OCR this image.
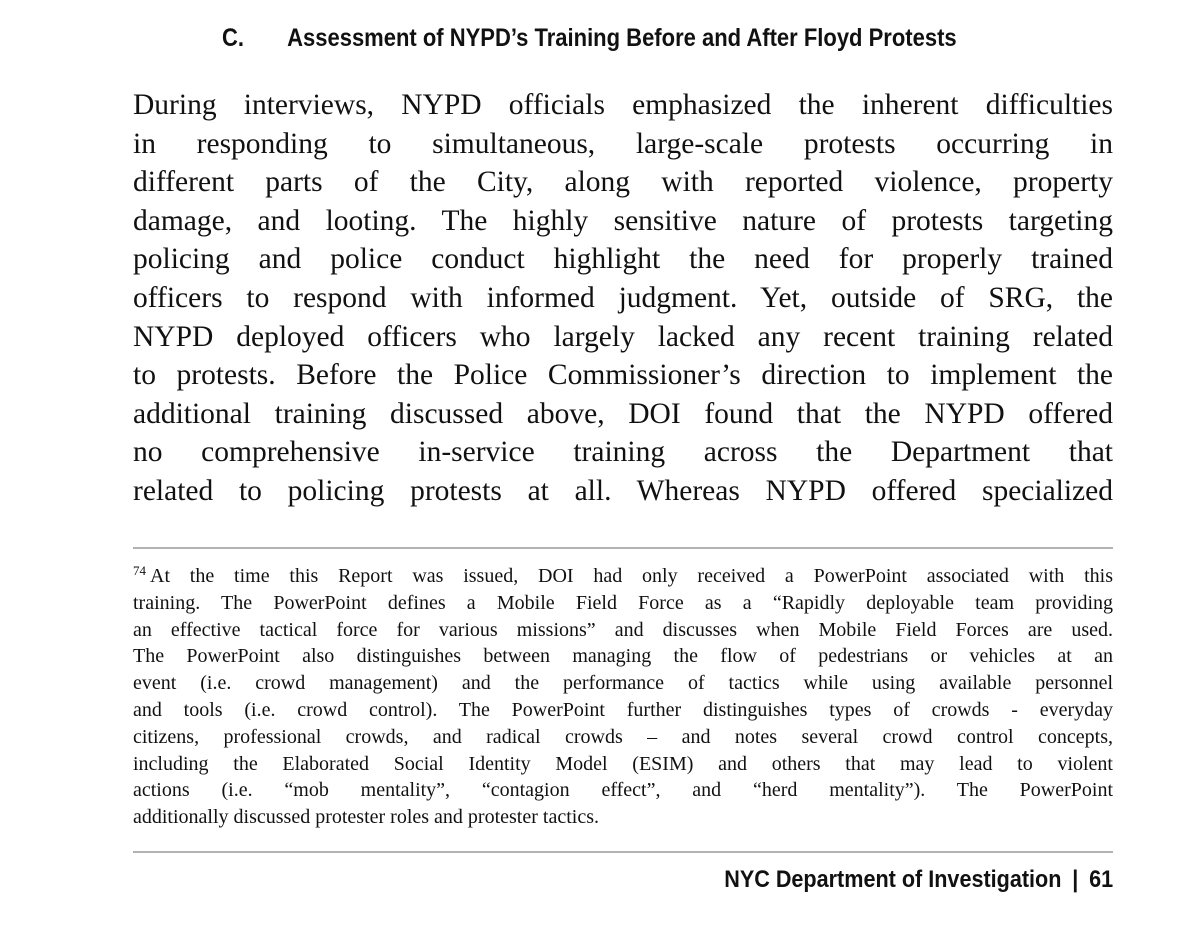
C. Assessment of NYPD’s Training Before and After Floyd Protests
During interviews, NYPD officials emphasized the inherent difficulties
in responding to simultaneous, large-scale protests occurring in
different parts of the City, along with reported violence, property
damage, and looting. The highly sensitive nature of protests targeting
policing and police conduct highlight the need for properly trained
officers to respond with informed judgment. Yet, outside of SRG, the
NYPD deployed officers who largely lacked any recent training related
to protests. Before the Police Commissioner’s direction to implement the
additional training discussed above, DOI found that the NYPD offered
no comprehensive in-service training across the Department that
related to policing protests at all. Whereas NYPD offered specialized
$^{74}$ At the time this Report was issued, DOI had only received a PowerPoint associated with this
training. The PowerPoint defines a Mobile Field Force as a “Rapidly deployable team providing
an effective tactical force for various missions” and discusses when Mobile Field Forces are used.
The PowerPoint also distinguishes between managing the flow of pedestrians or vehicles at an
event (i.e. crowd management) and the performance of tactics while using available personnel
and tools (i.e. crowd control). The PowerPoint further distinguishes types of crowds - everyday
citizens, professional crowds, and radical crowds – and notes several crowd control concepts,
including the Elaborated Social Identity Model (ESIM) and others that may lead to violent
actions (i.e. “mob mentality”, “contagion effect”, and “herd mentality”). The PowerPoint
additionally discussed protester roles and protester tactics.
NYC Department of Investigation | 61
